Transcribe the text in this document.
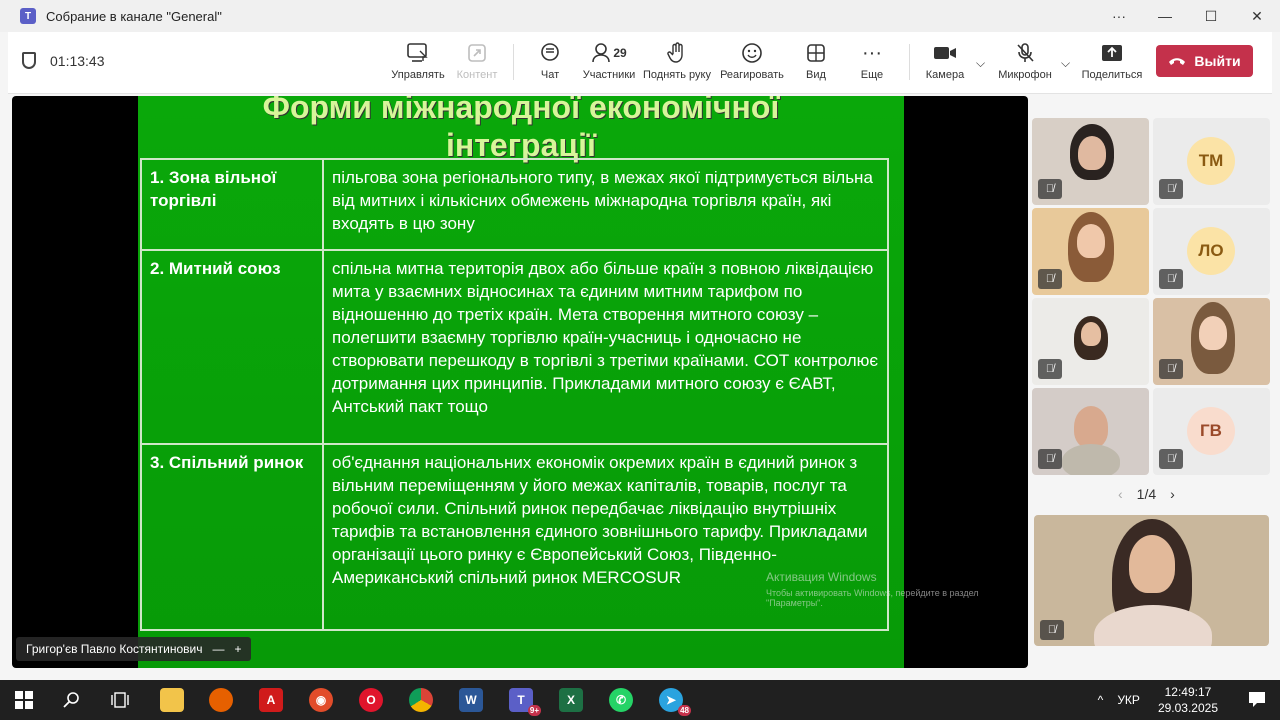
T	Собрание в канале "General"	···	—	☐	✕
01:13:43
Управлять Контент	Чат
29
Участники Поднять руку Реагировать Вид
···
Еще	Камера
⌵
Микрофон
⌵
Поделиться
Выйти
Форми міжнародної економічної
інтеграції
1. Зона вільної торгівлі	пільгова зона регіонального типу, в межах якої підтримується вільна від митних і кількісних обмежень міжнародна торгівля країн, які входять в цю зону
2. Митний союз	спільна митна територія двох або більше країн з повною ліквідацією мита у взаємних відносинах та єдиним митним тарифом по відношенню до третіх країн. Мета створення митного союзу – полегшити взаємну торгівлю країн-учасниць і одночасно не створювати перешкоду в торгівлі з третіми країнами. СОТ контролює дотримання цих принципів. Прикладами митного союзу є ЄАВТ, Антський пакт тощо
3. Спільний ринок	об'єднання національних економік окремих країн в єдиний ринок з вільним переміщенням у його межах капіталів, товарів, послуг та робочої сили. Спільний ринок передбачає ліквідацію внутрішніх тарифів та встановлення єдиного зовнішнього тарифу. Прикладами організації цього ринку є Європейський Союз, Південно-Американський спільний ринок MERCOSUR	Активация Windows
Чтобы активировать Windows, перейдите в раздел "Параметры".
Григор'єв Павло Костянтинович — +
🎙̸
ТМ
🎙̸
🎙̸
ЛО
🎙̸
🎙̸	🎙̸
🎙̸
ГВ
🎙̸
‹ 1/4 ›
🎙̸
A	◉	O	W	T
9+
X	✆	➤
48
^ УКР
12:49:17
29.03.2025
